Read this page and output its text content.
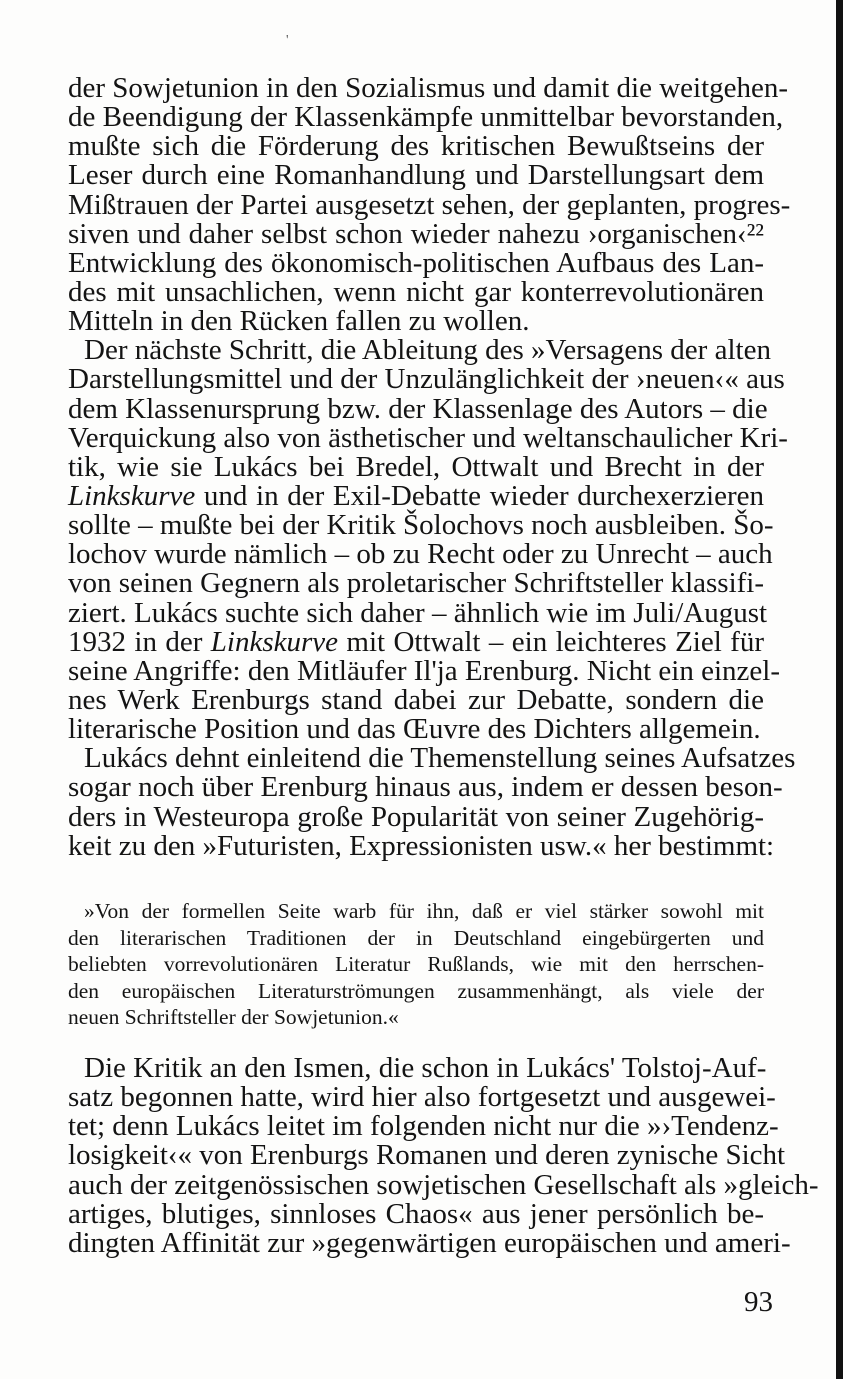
'
der Sowjetunion in den Sozialismus und damit die weitgehen-
de Beendigung der Klassenkämpfe unmittelbar bevorstanden,
mußte sich die Förderung des kritischen Bewußtseins der
Leser durch eine Romanhandlung und Darstellungsart dem
Mißtrauen der Partei ausgesetzt sehen, der geplanten, progres-
siven und daher selbst schon wieder nahezu ›organischen‹²²
Entwicklung des ökonomisch-politischen Aufbaus des Lan-
des mit unsachlichen, wenn nicht gar konterrevolutionären
Mitteln in den Rücken fallen zu wollen.
Der nächste Schritt, die Ableitung des »Versagens der alten
Darstellungsmittel und der Unzulänglichkeit der ›neuen‹« aus
dem Klassenursprung bzw. der Klassenlage des Autors – die
Verquickung also von ästhetischer und weltanschaulicher Kri-
tik, wie sie Lukács bei Bredel, Ottwalt und Brecht in der
Linkskurve und in der Exil-Debatte wieder durchexerzieren
sollte – mußte bei der Kritik Šolochovs noch ausbleiben. Šo-
lochov wurde nämlich – ob zu Recht oder zu Unrecht – auch
von seinen Gegnern als proletarischer Schriftsteller klassifi-
ziert. Lukács suchte sich daher – ähnlich wie im Juli/August
1932 in der Linkskurve mit Ottwalt – ein leichteres Ziel für
seine Angriffe: den Mitläufer Il'ja Erenburg. Nicht ein einzel-
nes Werk Erenburgs stand dabei zur Debatte, sondern die
literarische Position und das Œuvre des Dichters allgemein.
Lukács dehnt einleitend die Themenstellung seines Aufsatzes
sogar noch über Erenburg hinaus aus, indem er dessen beson-
ders in Westeuropa große Popularität von seiner Zugehörig-
keit zu den »Futuristen, Expressionisten usw.« her bestimmt:
»Von der formellen Seite warb für ihn, daß er viel stärker sowohl mit
den literarischen Traditionen der in Deutschland eingebürgerten und
beliebten vorrevolutionären Literatur Rußlands, wie mit den herrschen-
den europäischen Literaturströmungen zusammenhängt, als viele der
neuen Schriftsteller der Sowjetunion.«
Die Kritik an den Ismen, die schon in Lukács' Tolstoj-Auf-
satz begonnen hatte, wird hier also fortgesetzt und ausgewei-
tet; denn Lukács leitet im folgenden nicht nur die »›Tendenz-
losigkeit‹« von Erenburgs Romanen und deren zynische Sicht
auch der zeitgenössischen sowjetischen Gesellschaft als »gleich-
artiges, blutiges, sinnloses Chaos« aus jener persönlich be-
dingten Affinität zur »gegenwärtigen europäischen und ameri-
93
